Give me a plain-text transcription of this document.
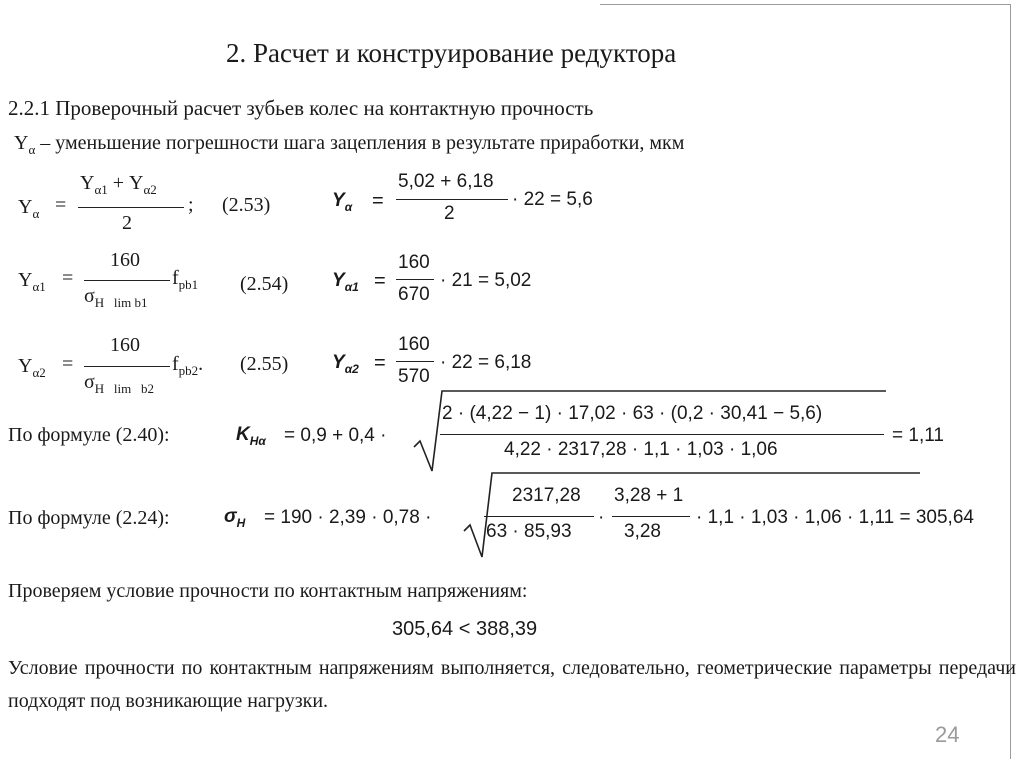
2. Расчет и конструирование редуктора
2.2.1 Проверочный расчет зубьев колес на контактную прочность
$Y_\alpha$ – уменьшение погрешности шага зацепления в результате приработки, мкм
$Y_\alpha$ =
$Y_{\alpha 1} + Y_{\alpha 2}$
2
; (2.53)	$Y_\alpha$ =
5,02 + 6,18
2
· 22 = 5,6
$Y_{\alpha 1}$ =
160
$\sigma_{H lim b1}$
$f_{pb1}$ (2.54) $Y_{\alpha 1}$ =
160
670
· 21 = 5,02
$Y_{\alpha 2}$ =
160
$\sigma_{H lim b2}$
$f_{pb2}$. (2.55) $Y_{\alpha 2}$ =
160
570
· 22 = 6,18
По формуле (2.40):	$K_{H\alpha} = 0,9 + 0,4$ ·
2 · (4,22 − 1) · 17,02 · 63 · (0,2 · 30,41 − 5,6)
4,22 · 2317,28 · 1,1 · 1,03 · 1,06
= 1,11
По формуле (2.24):	$\sigma_H = 190 \cdot 2,39 \cdot 0,78$ ·
2317,28
63 · 85,93
·
3,28 + 1
3,28
· 1,1 · 1,03 · 1,06 · 1,11 = 305,64
Проверяем условие прочности по контактным напряжениям:
305,64 < 388,39
Условие прочности по контактным напряжениям выполняется, следовательно, геометрические параметры передачи подходят под возникающие нагрузки.
24
